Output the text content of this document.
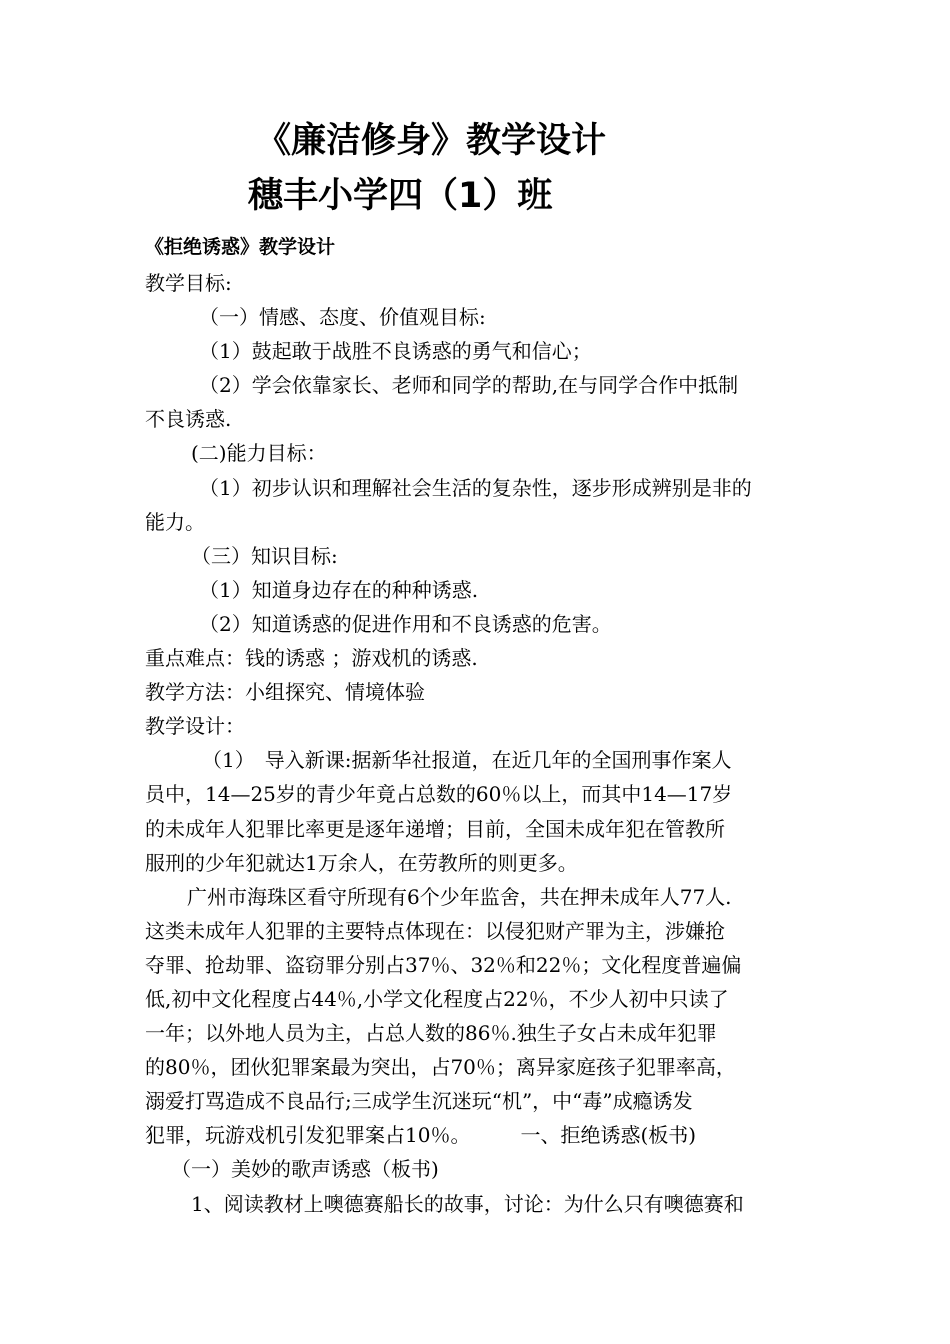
《廉洁修身》教学设计
穗丰小学四（1）班
《拒绝诱惑》教学设计

教学目标:

（一）情感、态度、价值观目标:

（1）鼓起敢于战胜不良诱惑的勇气和信心；

（2）学会依靠家长、老师和同学的帮助,在与同学合作中抵制

不良诱惑.

(二)能力目标：

（1）初步认识和理解社会生活的复杂性，逐步形成辨别是非的

能力。

（三）知识目标:

（1）知道身边存在的种种诱惑.

（2）知道诱惑的促进作用和不良诱惑的危害。

重点难点：钱的诱惑 ；游戏机的诱惑.

教学方法：小组探究、情境体验

教学设计：

（1）　导入新课:据新华社报道，在近几年的全国刑事作案人

员中，14—25岁的青少年竟占总数的60％以上，而其中14—17岁

的未成年人犯罪比率更是逐年递增；目前，全国未成年犯在管教所

服刑的少年犯就达1万余人，在劳教所的则更多。

广州市海珠区看守所现有6个少年监舍，共在押未成年人77人.

这类未成年人犯罪的主要特点体现在：以侵犯财产罪为主，涉嫌抢

夺罪、抢劫罪、盗窃罪分别占37％、32％和22％；文化程度普遍偏

低,初中文化程度占44％,小学文化程度占22％，不少人初中只读了

一年；以外地人员为主，占总人数的86％.独生子女占未成年犯罪

的80％，团伙犯罪案最为突出，占70％；离异家庭孩子犯罪率高，

溺爱打骂造成不良品行;三成学生沉迷玩“机”，中“毒”成瘾诱发

犯罪，玩游戏机引发犯罪案占10％。　　　一、拒绝诱惑(板书)

（一）美妙的歌声诱惑（板书)

1、阅读教材上噢德赛船长的故事，讨论：为什么只有噢德赛和
